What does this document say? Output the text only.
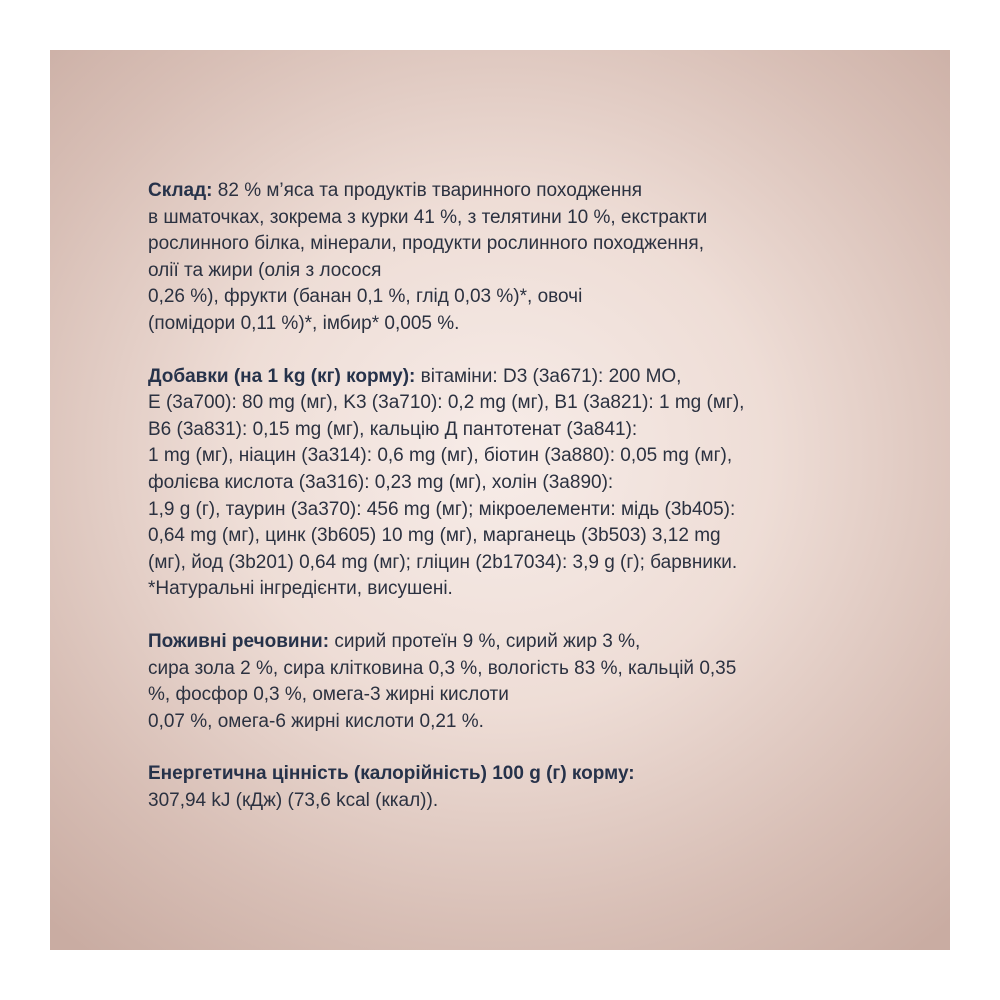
Склад: 82 % м’яса та продуктів тваринного походження
в шматочках, зокрема з курки 41 %, з телятини 10 %, екстракти
рослинного білка, мінерали, продукти рослинного походження,
олії та жири (олія з лосося
0,26 %), фрукти (банан 0,1 %, глід 0,03 %)*, овочі
(помідори 0,11 %)*, імбир* 0,005 %.

Добавки (на 1 kg (кг) корму): вітаміни: D3 (3a671): 200 МО,
E (3a700): 80 mg (мг), K3 (3a710): 0,2 mg (мг), B1 (3a821): 1 mg (мг),
B6 (3a831): 0,15 mg (мг), кальцію Д пантотенат (3a841):
1 mg (мг), ніацин (3a314): 0,6 mg (мг), біотин (3a880): 0,05 mg (мг),
фолієва кислота (3a316): 0,23 mg (мг), холін (3a890):
1,9 g (г), таурин (3a370): 456 mg (мг); мікроелементи: мідь (3b405):
0,64 mg (мг), цинк (3b605) 10 mg (мг), марганець (3b503) 3,12 mg
(мг), йод (3b201) 0,64 mg (мг); гліцин (2b17034): 3,9 g (г); барвники.
*Натуральні інгредієнти, висушені.

Поживні речовини: сирий протеїн 9 %, сирий жир 3 %,
сира зола 2 %, сира клітковина 0,3 %, вологість 83 %, кальцій 0,35
%, фосфор 0,3 %, омега-3 жирні кислоти
0,07 %, омега-6 жирні кислоти 0,21 %.

Енергетична цінність (калорійність) 100 g (г) корму:
307,94 kJ (кДж) (73,6 kcal (ккал)).
